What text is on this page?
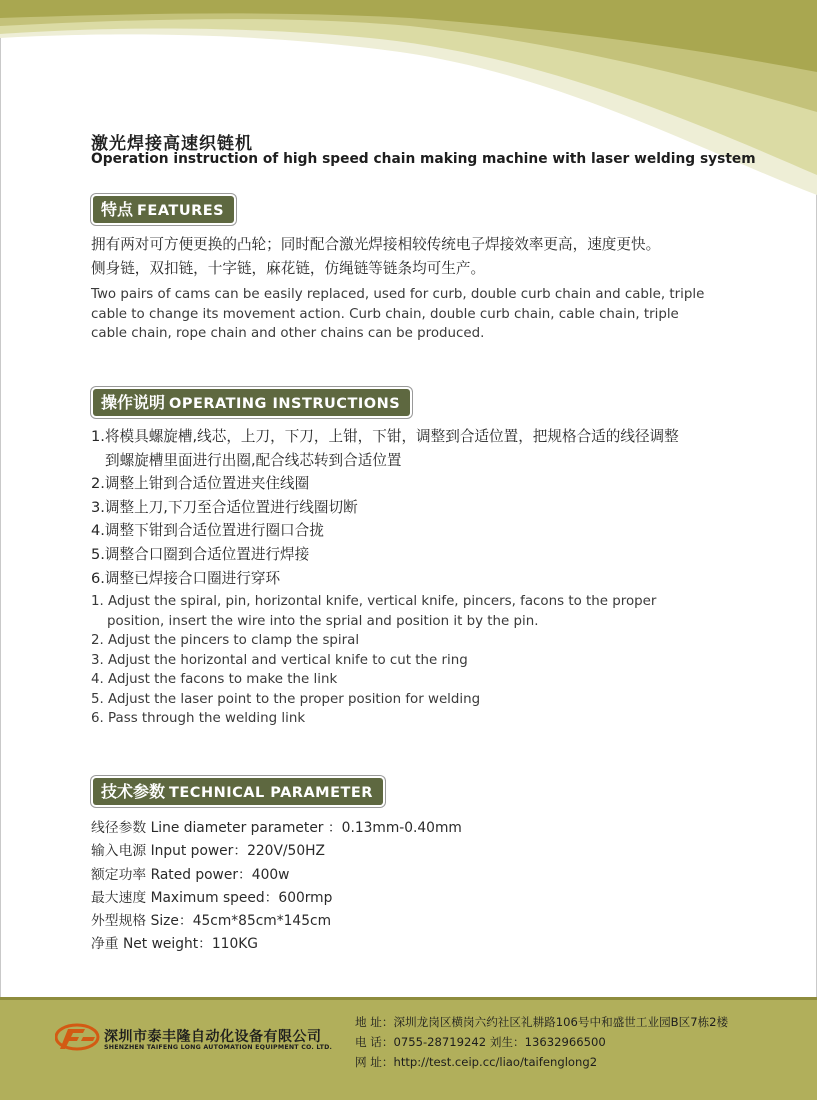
激光焊接高速织链机
Operation instruction of high speed chain making machine with laser welding system
特点 FEATURES
拥有两对可方便更换的凸轮；同时配合激光焊接相较传统电子焊接效率更高，速度更快。
侧身链，双扣链，十字链，麻花链，仿绳链等链条均可生产。
Two pairs of cams can be easily replaced, used for curb, double curb chain and cable, triple
cable to change its movement action. Curb chain, double curb chain, cable chain, triple
cable chain, rope chain and other chains can be produced.
操作说明 OPERATING INSTRUCTIONS
1.将模具螺旋槽,线芯，上刀，下刀，上钳，下钳，调整到合适位置，把规格合适的线径调整
到螺旋槽里面进行出圈,配合线芯转到合适位置
2.调整上钳到合适位置进夹住线圈
3.调整上刀,下刀至合适位置进行线圈切断
4.调整下钳到合适位置进行圈口合拢
5.调整合口圈到合适位置进行焊接
6.调整已焊接合口圈进行穿环
1. Adjust the spiral, pin, horizontal knife, vertical knife, pincers, facons to the proper
position, insert the wire into the sprial and position it by the pin.
2. Adjust the pincers to clamp the spiral
3. Adjust the horizontal and vertical knife to cut the ring
4. Adjust the facons to make the link
5. Adjust the laser point to the proper position for welding
6. Pass through the welding link
技术参数 TECHNICAL PARAMETER
线径参数 Line diameter parameter ：0.13mm-0.40mm
输入电源 Input power：220V/50HZ
额定功率 Rated power：400w
最大速度 Maximum speed：600rmp
外型规格 Size：45cm*85cm*145cm
净重 Net weight：110KG
深圳市泰丰隆自动化设备有限公司
SHENZHEN TAIFENG LONG AUTOMATION EQUIPMENT CO. LTD.
地 址：深圳龙岗区横岗六约社区礼耕路106号中和盛世工业园B区7栋2楼
电 话：0755-28719242 刘生：13632966500
网 址：http://test.ceip.cc/liao/taifenglong2
